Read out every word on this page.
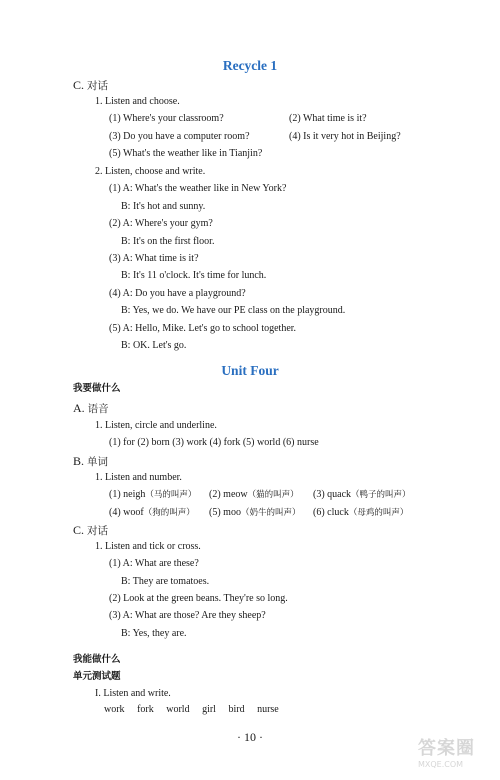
Recycle 1
C. 对话
1. Listen and choose.
(1) Where's your classroom?	(2) What time is it?
(3) Do you have a computer room?	(4) Is it very hot in Beijing?
(5) What's the weather like in Tianjin?
2. Listen, choose and write.
(1) A: What's the weather like in New York?
B: It's hot and sunny.
(2) A: Where's your gym?
B: It's on the first floor.
(3) A: What time is it?
B: It's 11 o'clock. It's time for lunch.
(4) A: Do you have a playground?
B: Yes, we do. We have our PE class on the playground.
(5) A: Hello, Mike. Let's go to school together.
B: OK. Let's go.
Unit Four
我要做什么
A. 语音
1. Listen, circle and underline.
(1) for (2) born (3) work (4) fork (5) world (6) nurse
B. 单词
1. Listen and number.
(1) neigh（马的叫声） (2) meow（猫的叫声） (3) quack（鸭子的叫声）
(4) woof（狗的叫声） (5) moo（奶牛的叫声） (6) cluck（母鸡的叫声）
C. 对话
1. Listen and tick or cross.
(1) A: What are these?
B: They are tomatoes.
(2) Look at the green beans. They're so long.
(3) A: What are those? Are they sheep?
B: Yes, they are.
我能做什么
单元测试题
I. Listen and write.
work fork world girl bird nurse
· 10 ·
答案圈
MXQE.COM
